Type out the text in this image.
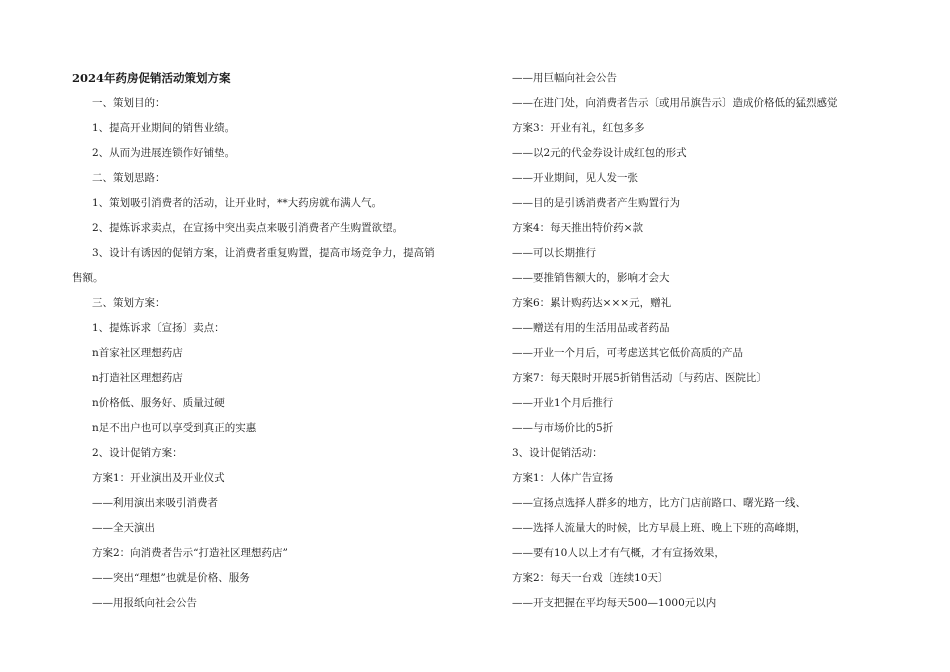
2024年药房促销活动策划方案
一、策划目的：
1、提高开业期间的销售业绩。
2、从而为进展连锁作好铺垫。
二、策划思路：
1、策划吸引消费者的活动，让开业时，**大药房就布满人气。
2、提炼诉求卖点，在宣扬中突出卖点来吸引消费者产生购置欲望。
3、设计有诱因的促销方案，让消费者重复购置，提高市场竞争力，提高销
售额。
三、策划方案：
1、提炼诉求〔宣扬〕卖点：
n首家社区理想药店
n打造社区理想药店
n价格低、服务好、质量过硬
n足不出户也可以享受到真正的实惠
2、设计促销方案：
方案1：开业演出及开业仪式
——利用演出来吸引消费者
——全天演出
方案2：向消费者告示“打造社区理想药店”
——突出“理想”也就是价格、服务
——用报纸向社会公告
——用巨幅向社会公告
——在进门处，向消费者告示〔或用吊旗告示〕造成价格低的猛烈感觉
方案3：开业有礼，红包多多
——以2元的代金券设计成红包的形式
——开业期间，见人发一张
——目的是引诱消费者产生购置行为
方案4：每天推出特价药×款
——可以长期推行
——要推销售额大的，影响才会大
方案6：累计购药达×××元，赠礼
——赠送有用的生活用品或者药品
——开业一个月后，可考虑送其它低价高质的产品
方案7：每天限时开展5折销售活动〔与药店、医院比〕
——开业1个月后推行
——与市场价比的5折
3、设计促销活动：
方案1：人体广告宣扬
——宣扬点选择人群多的地方，比方门店前路口、曙光路一线、
——选择人流量大的时候，比方早晨上班、晚上下班的高峰期，
——要有10人以上才有气概，才有宣扬效果，
方案2：每天一台戏〔连续10天〕
——开支把握在平均每天500—1000元以内
